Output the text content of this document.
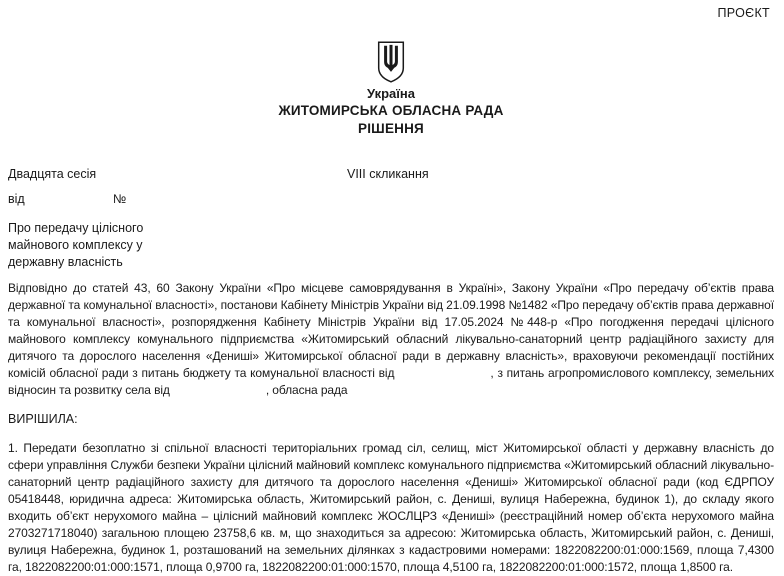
ПРОЄКТ
Україна
ЖИТОМИРСЬКА ОБЛАСНА РАДА
РІШЕННЯ
Двадцята сесія	VIII скликання
від	№
Про передачу цілісного майнового комплексу у державну власність

Відповідно до статей 43, 60 Закону України «Про місцеве самоврядування в Україні», Закону України «Про передачу об’єктів права державної та комунальної власності», постанови Кабінету Міністрів України від 21.09.1998 №1482 «Про передачу об’єктів права державної та комунальної власності», розпорядження Кабінету Міністрів України від 17.05.2024 №448-р «Про погодження передачі цілісного майнового комплексу комунального підприємства «Житомирський обласний лікувально-санаторний центр радіаційного захисту для дитячого та дорослого населення «Дениші» Житомирської обласної ради в державну власність», враховуючи рекомендації постійних комісій обласної ради з питань бюджету та комунальної власності від	, з питань агропромислового комплексу, земельних відносин та розвитку села від	, обласна рада

ВИРІШИЛА:

1. Передати безоплатно зі спільної власності територіальних громад сіл, селищ, міст Житомирської області у державну власність до сфери управління Служби безпеки України цілісний майновий комплекс комунального підприємства «Житомирський обласний лікувально-санаторний центр радіаційного захисту для дитячого та дорослого населення «Дениші» Житомирської обласної ради (код ЄДРПОУ 05418448, юридична адреса: Житомирська область, Житомирський район, с. Дениші, вулиця Набережна, будинок 1), до складу якого входить об’єкт нерухомого майна – цілісний майновий комплекс ЖОСЛЦРЗ «Дениші» (реєстраційний номер об’єкта нерухомого майна 2703271718040) загальною площею 23758,6 кв. м, що знаходиться за адресою: Житомирська область, Житомирський район, с. Дениші, вулиця Набережна, будинок 1, розташований на земельних ділянках з кадастровими номерами: 1822082200:01:000:1569, площа 7,4300 га, 1822082200:01:000:1571, площа 0,9700 га, 1822082200:01:000:1570, площа 4,5100 га, 1822082200:01:000:1572, площа 1,8500 га.
